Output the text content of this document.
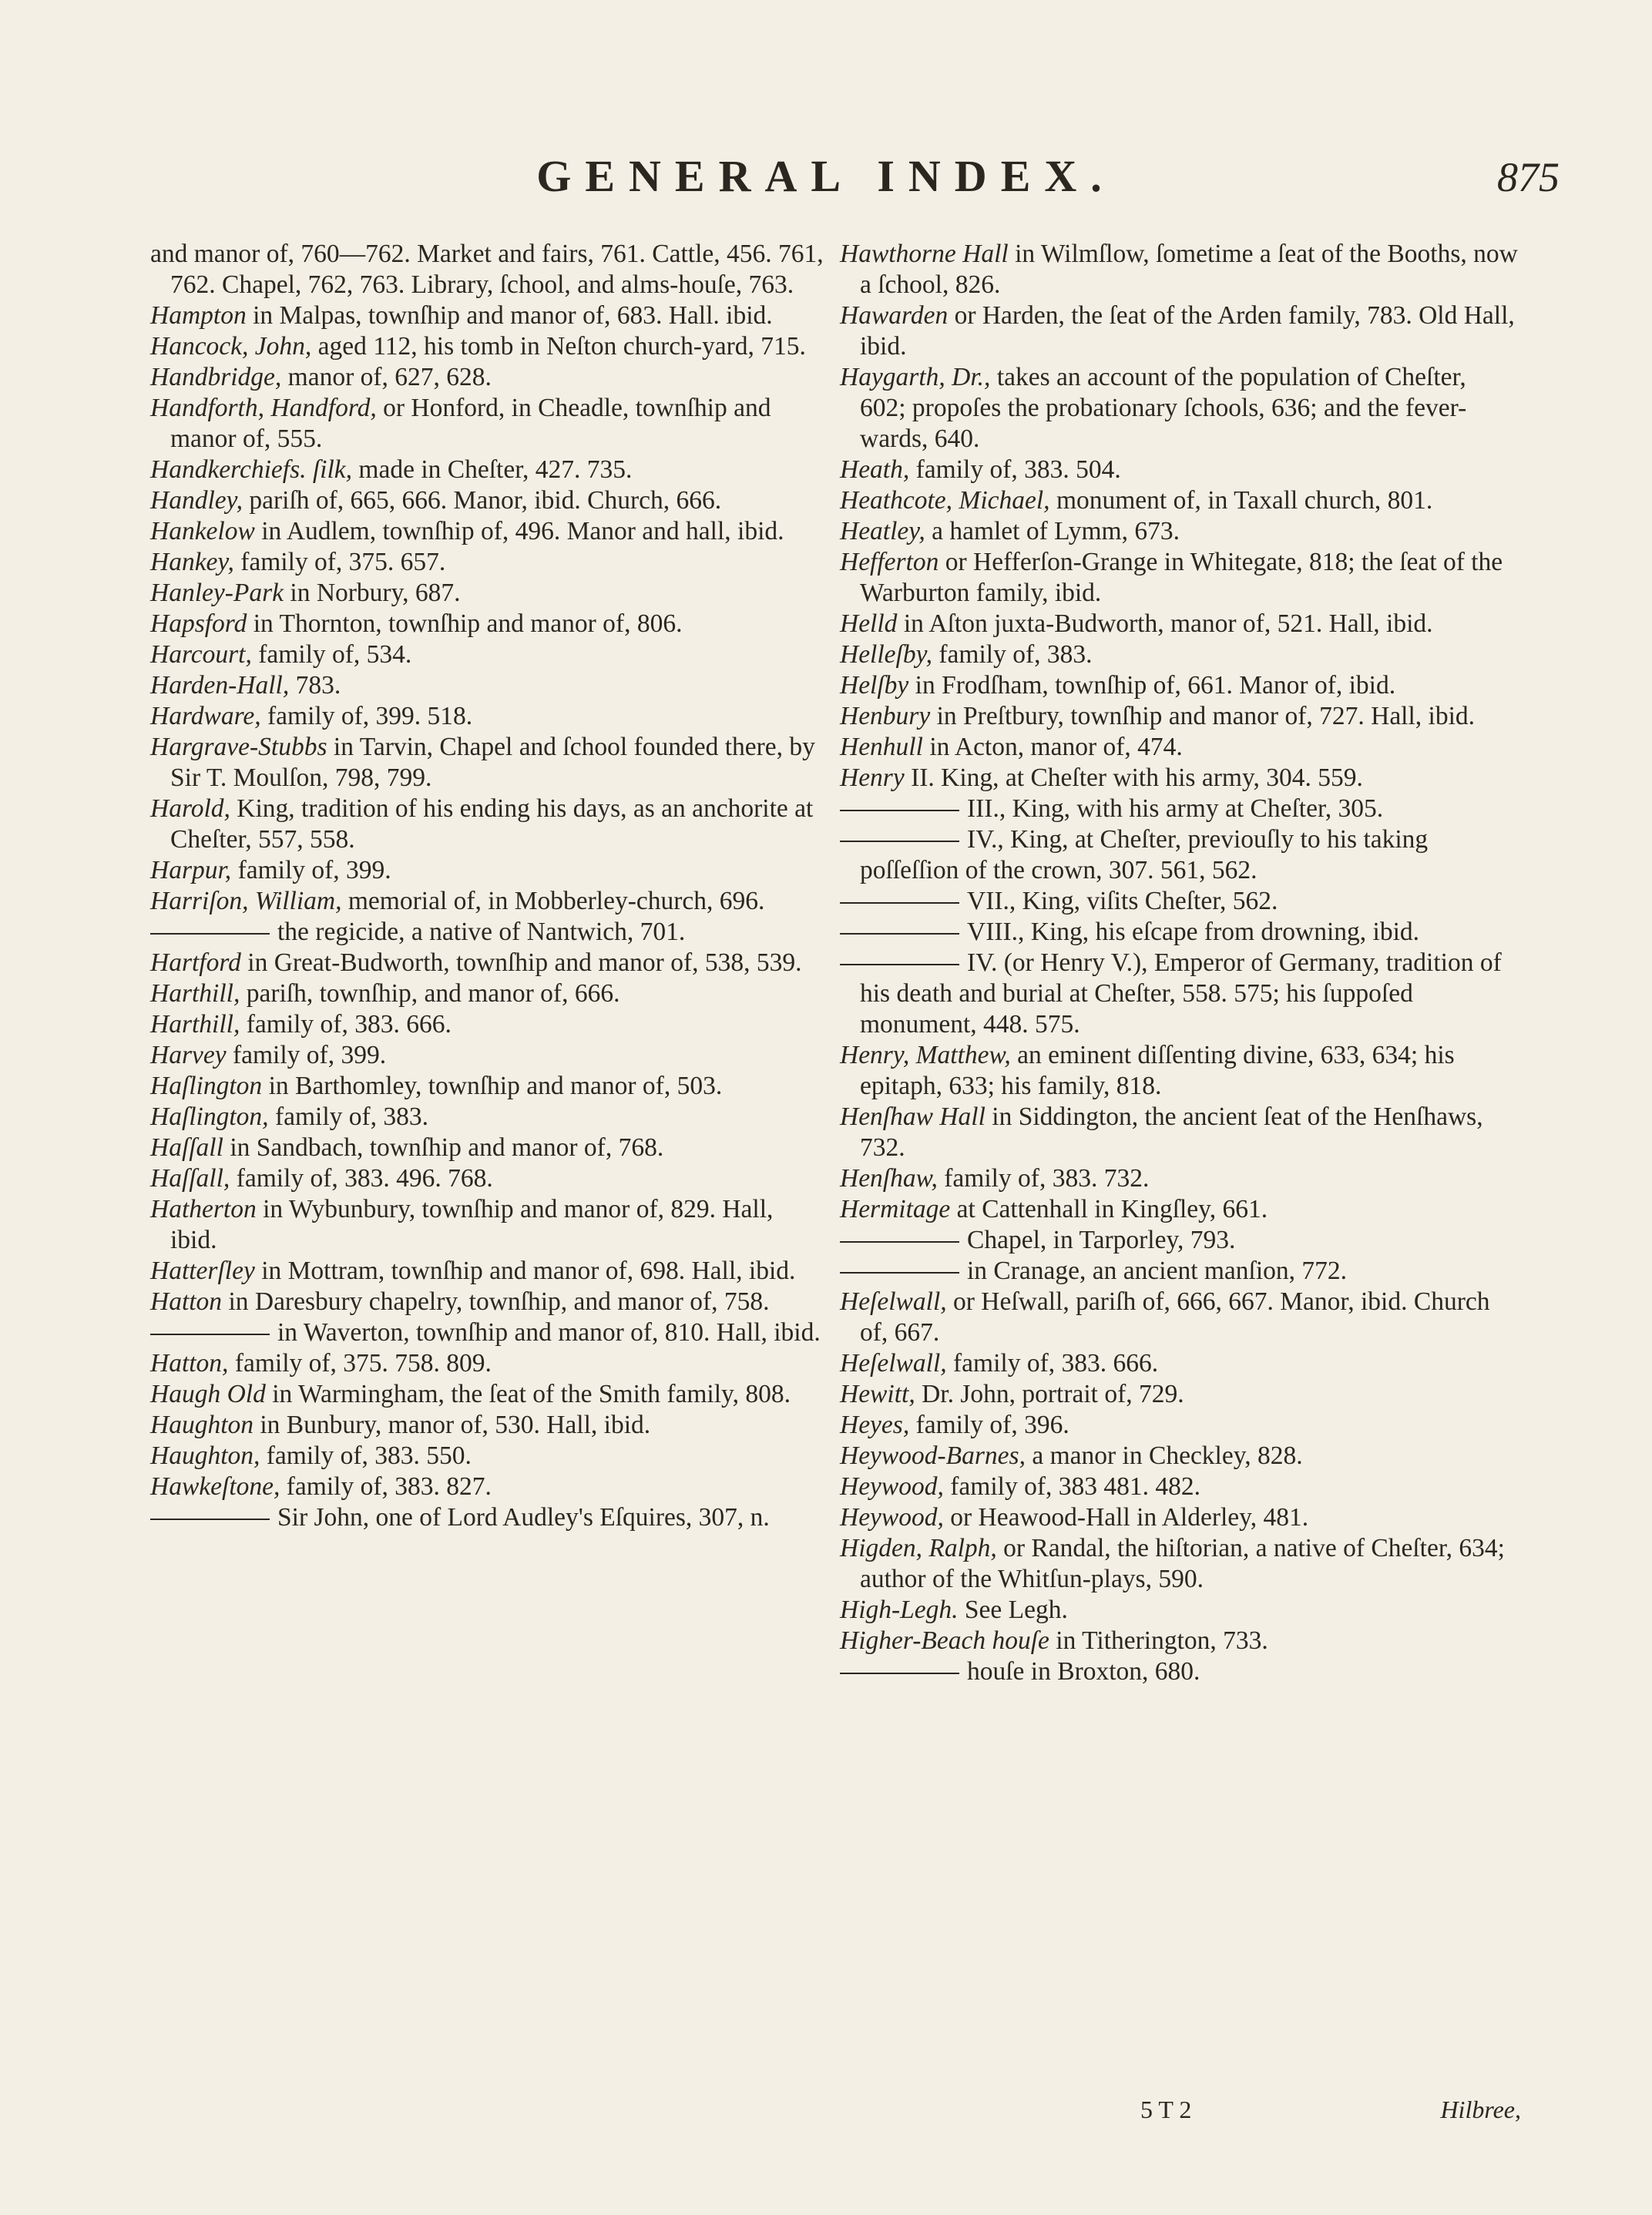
GENERAL INDEX.	875
and manor of, 760—762. Market and fairs, 761. Cattle, 456. 761, 762. Chapel, 762, 763. Library, ſchool, and alms-houſe, 763.
Hampton in Malpas, townſhip and manor of, 683. Hall. ibid.
Hancock, John, aged 112, his tomb in Neſton church-yard, 715.
Handbridge, manor of, 627, 628.
Handforth, Handford, or Honford, in Cheadle, townſhip and manor of, 555.
Handkerchiefs. ſilk, made in Cheſter, 427. 735.
Handley, pariſh of, 665, 666. Manor, ibid. Church, 666.
Hankelow in Audlem, townſhip of, 496. Manor and hall, ibid.
Hankey, family of, 375. 657.
Hanley-Park in Norbury, 687.
Hapsford in Thornton, townſhip and manor of, 806.
Harcourt, family of, 534.
Harden-Hall, 783.
Hardware, family of, 399. 518.
Hargrave-Stubbs in Tarvin, Chapel and ſchool founded there, by Sir T. Moulſon, 798, 799.
Harold, King, tradition of his ending his days, as an anchorite at Cheſter, 557, 558.
Harpur, family of, 399.
Harriſon, William, memorial of, in Mobberley-church, 696.
the regicide, a native of Nantwich, 701.
Hartford in Great-Budworth, townſhip and manor of, 538, 539.
Harthill, pariſh, townſhip, and manor of, 666.
Harthill, family of, 383. 666.
Harvey family of, 399.
Haſlington in Barthomley, townſhip and manor of, 503.
Haſlington, family of, 383.
Haſſall in Sandbach, townſhip and manor of, 768.
Haſſall, family of, 383. 496. 768.
Hatherton in Wybunbury, townſhip and manor of, 829. Hall, ibid.
Hatterſley in Mottram, townſhip and manor of, 698. Hall, ibid.
Hatton in Daresbury chapelry, townſhip, and manor of, 758.
in Waverton, townſhip and manor of, 810. Hall, ibid.
Hatton, family of, 375. 758. 809.
Haugh Old in Warmingham, the ſeat of the Smith family, 808.
Haughton in Bunbury, manor of, 530. Hall, ibid.
Haughton, family of, 383. 550.
Hawkeſtone, family of, 383. 827.
Sir John, one of Lord Audley's Eſquires, 307, n.
Hawthorne Hall in Wilmſlow, ſometime a ſeat of the Booths, now a ſchool, 826.
Hawarden or Harden, the ſeat of the Arden family, 783. Old Hall, ibid.
Haygarth, Dr., takes an account of the population of Cheſter, 602; propoſes the probationary ſchools, 636; and the fever-wards, 640.
Heath, family of, 383. 504.
Heathcote, Michael, monument of, in Taxall church, 801.
Heatley, a hamlet of Lymm, 673.
Hefferton or Hefferſon-Grange in Whitegate, 818; the ſeat of the Warburton family, ibid.
Helld in Aſton juxta-Budworth, manor of, 521. Hall, ibid.
Helleſby, family of, 383.
Helſby in Frodſham, townſhip of, 661. Manor of, ibid.
Henbury in Preſtbury, townſhip and manor of, 727. Hall, ibid.
Henhull in Acton, manor of, 474.
Henry II. King, at Cheſter with his army, 304. 559.
III., King, with his army at Cheſter, 305.
IV., King, at Cheſter, previouſly to his taking poſſeſſion of the crown, 307. 561, 562.
VII., King, viſits Cheſter, 562.
VIII., King, his eſcape from drowning, ibid.
IV. (or Henry V.), Emperor of Germany, tradition of his death and burial at Cheſter, 558. 575; his ſuppoſed monument, 448. 575.
Henry, Matthew, an eminent diſſenting divine, 633, 634; his epitaph, 633; his family, 818.
Henſhaw Hall in Siddington, the ancient ſeat of the Henſhaws, 732.
Henſhaw, family of, 383. 732.
Hermitage at Cattenhall in Kingſley, 661.
Chapel, in Tarporley, 793.
in Cranage, an ancient manſion, 772.
Heſelwall, or Heſwall, pariſh of, 666, 667. Manor, ibid. Church of, 667.
Heſelwall, family of, 383. 666.
Hewitt, Dr. John, portrait of, 729.
Heyes, family of, 396.
Heywood-Barnes, a manor in Checkley, 828.
Heywood, family of, 383 481. 482.
Heywood, or Heawood-Hall in Alderley, 481.
Higden, Ralph, or Randal, the hiſtorian, a native of Cheſter, 634; author of the Whitſun-plays, 590.
High-Legh. See Legh.
Higher-Beach houſe in Titherington, 733.
houſe in Broxton, 680.
5 T 2	Hilbree,
